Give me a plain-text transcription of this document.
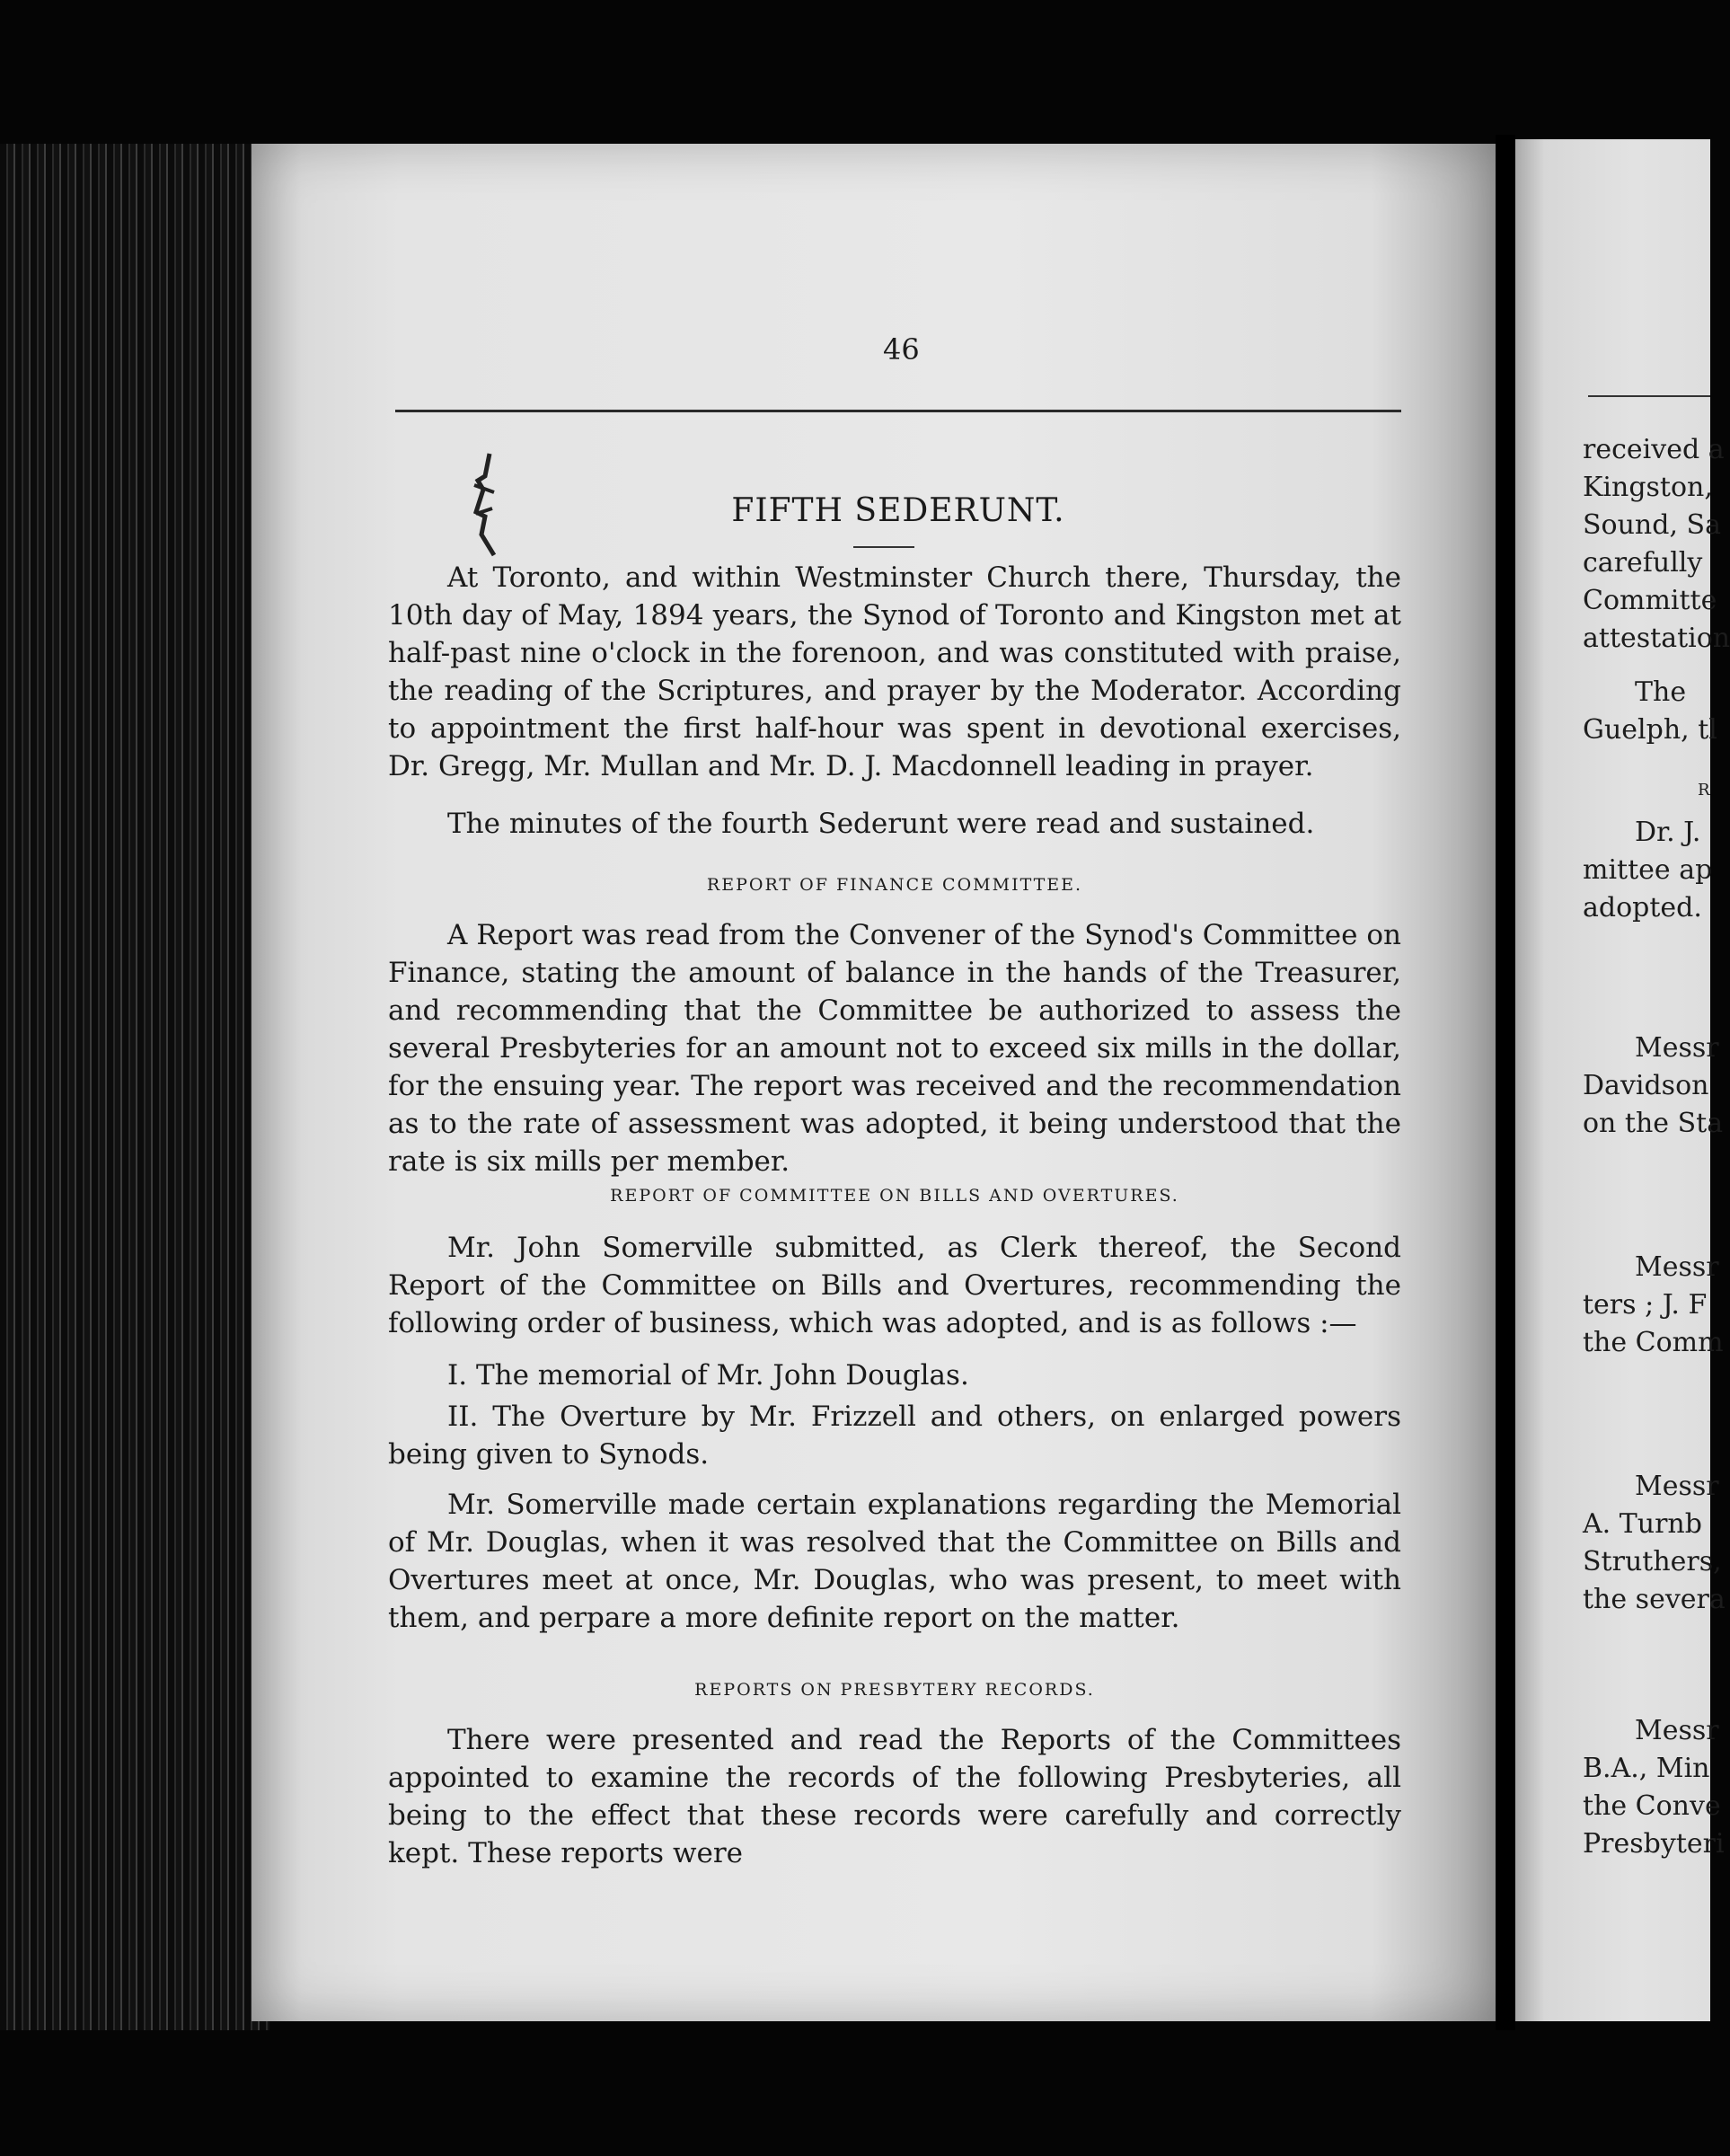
46
FIFTH SEDERUNT.

At Toronto, and within Westminster Church there, Thursday, the 10th day of May, 1894 years, the Synod of Toronto and Kingston met at half-past nine o'clock in the forenoon, and was constituted with praise, the reading of the Scriptures, and prayer by the Moderator. According to appointment the first half-hour was spent in devotional exercises, Dr. Gregg, Mr. Mullan and Mr. D. J. Macdonnell leading in prayer.

The minutes of the fourth Sederunt were read and sustained.

REPORT OF FINANCE COMMITTEE.

A Report was read from the Convener of the Synod's Committee on Finance, stating the amount of balance in the hands of the Treasurer, and recommending that the Committee be authorized to assess the several Presbyteries for an amount not to exceed six mills in the dollar, for the ensuing year. The report was received and the recommendation as to the rate of assessment was adopted, it being understood that the rate is six mills per member.

REPORT OF COMMITTEE ON BILLS AND OVERTURES.

Mr. John Somerville submitted, as Clerk thereof, the Second Report of the Committee on Bills and Overtures, recommending the following order of business, which was adopted, and is as follows :—

I. The memorial of Mr. John Douglas.

II. The Overture by Mr. Frizzell and others, on enlarged powers being given to Synods.

Mr. Somerville made certain explanations regarding the Memorial of Mr. Douglas, when it was resolved that the Committee on Bills and Overtures meet at once, Mr. Douglas, who was present, to meet with them, and perpare a more definite report on the matter.

REPORTS ON PRESBYTERY RECORDS.

There were presented and read the Reports of the Committees appointed to examine the records of the following Presbyteries, all being to the effect that these records were carefully and correctly kept. These reports were

received a
Kingston,
Sound, Sa
carefully
Committe
attestation
The
Guelph, tl
R
Dr. J.
mittee ap
adopted.
Messr
Davidson
on the Sta
Messr
ters ; J. F
the Comm
Messr
A. Turnb
Struthers,
the severa
Messr
B.A., Min
the Conve
Presbyteri
